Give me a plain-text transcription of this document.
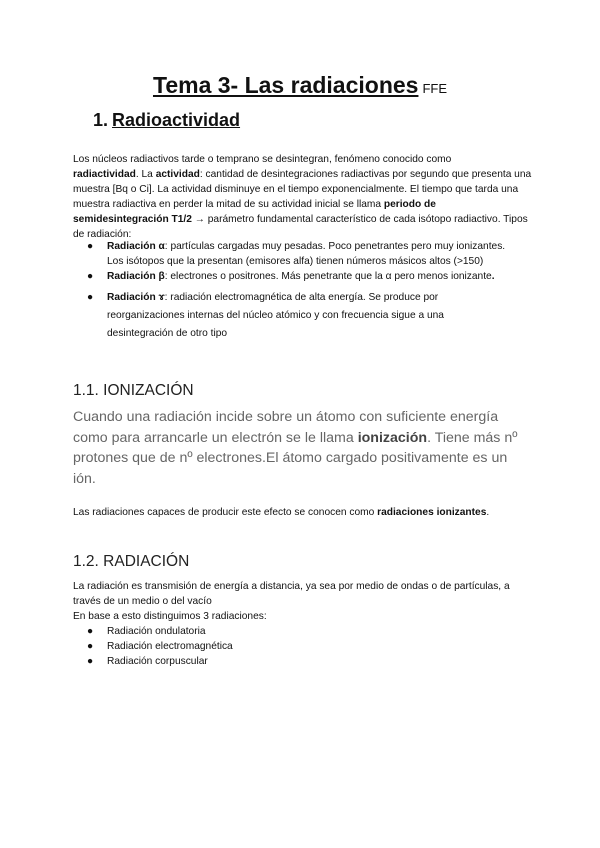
Tema 3- Las radiaciones FFE
1. Radioactividad

Los núcleos radiactivos tarde o temprano se desintegran, fenómeno conocido como
radiactividad. La actividad: cantidad de desintegraciones radiactivas por segundo que presenta una muestra [Bq o Ci]. La actividad disminuye en el tiempo exponencialmente. El tiempo que tarda una muestra radiactiva en perder la mitad de su actividad inicial se llama periodo de semidesintegración T1/2 → parámetro fundamental característico de cada isótopo radiactivo. Tipos de radiación:

● Radiación α: partículas cargadas muy pesadas. Poco penetrantes pero muy ionizantes. Los isótopos que la presentan (emisores alfa) tienen números másicos altos (>150)
● Radiación β: electrones o positrones. Más penetrante que la α pero menos ionizante.
● Radiación ɤ: radiación electromagnética de alta energía. Se produce por reorganizaciones internas del núcleo atómico y con frecuencia sigue a una desintegración de otro tipo
1.1. IONIZACIÓN

Cuando una radiación incide sobre un átomo con suficiente energía como para arrancarle un electrón se le llama ionización. Tiene más nº protones que de nº electrones.El átomo cargado positivamente es un ión.

Las radiaciones capaces de producir este efecto se conocen como radiaciones ionizantes.

1.2. RADIACIÓN

La radiación es transmisión de energía a distancia, ya sea por medio de ondas o de partículas, a través de un medio o del vacío
En base a esto distinguimos 3 radiaciones:

● Radiación ondulatoria
● Radiación electromagnética
● Radiación corpuscular
